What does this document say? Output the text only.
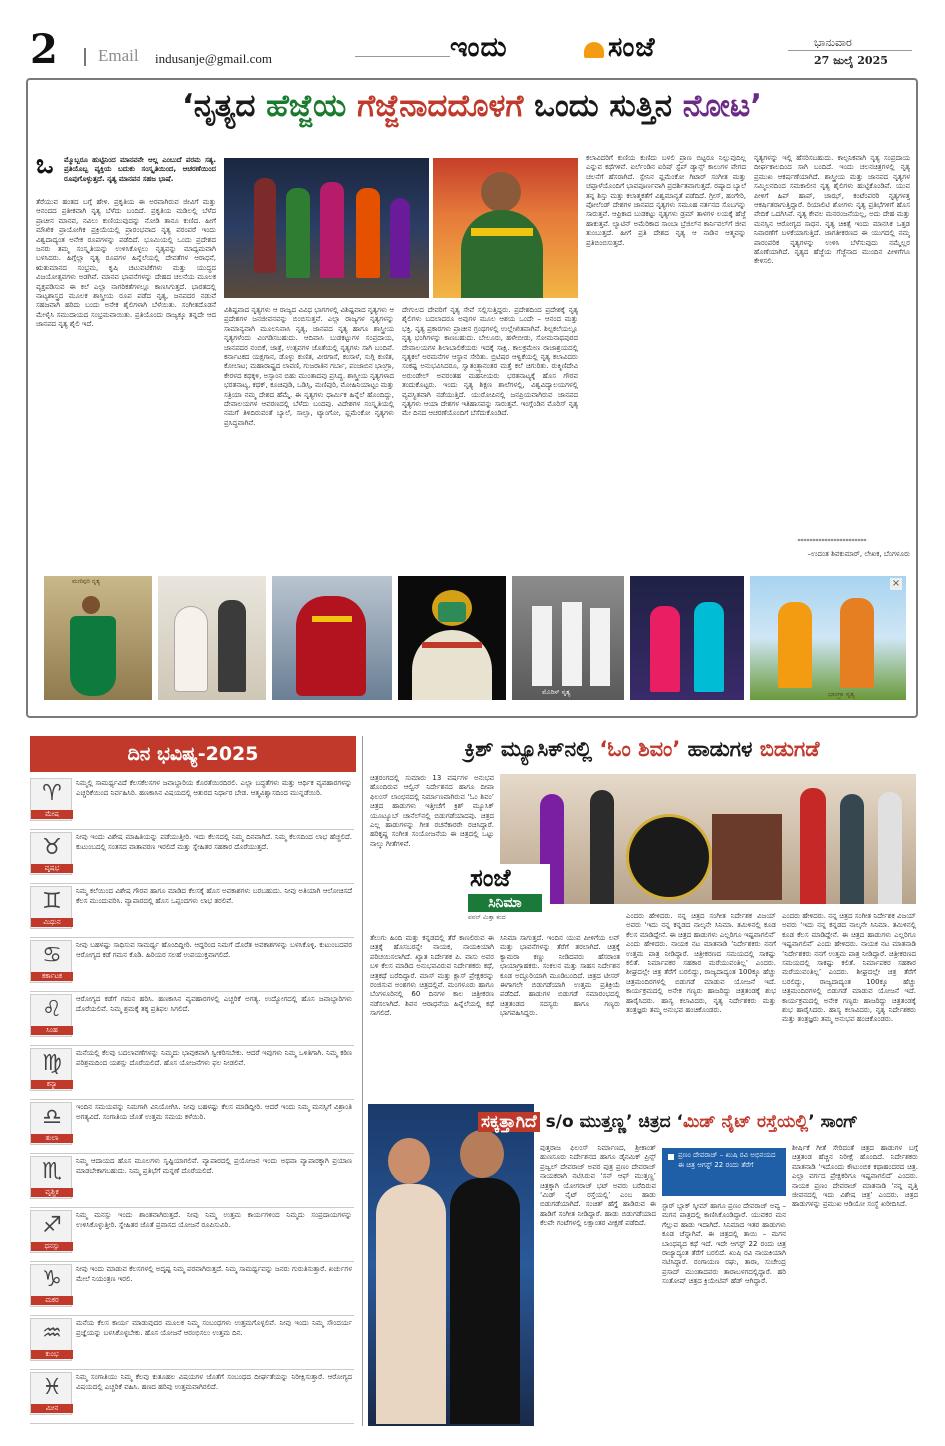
2 Email indusanje@gmail.com	ಇಂದು	ಸಂಜೆ	ಭಾನುವಾರ
27 ಜುಲೈ 2025
‘ನೃತ್ಯದ ಹೆಜ್ಜೆಯ ಗೆಜ್ಜೆನಾದದೊಳಗೆ ಒಂದು ಸುತ್ತಿನ ನೋಟ’
ಒ ಮ್ಮೊಬ್ಬರೂ ಹುಟ್ಟಿನಿಂದ ಮಾನವನೇ ಆಲ್ಲ ಎಂಬುದೆ ಪರಮ ಸತ್ಯ. ಪ್ರತಿಯೊಬ್ಬ ವ್ಯಕ್ತಿಯ ಬದುಕು ಸಂಸ್ಕೃತಿಯಿಂದ, ಆಚರಣೆಯಿಂದ ರೂಪುಗೊಳ್ಳುತ್ತದೆ. ನೃತ್ಯ ಮಾನವನ ಸಹಜ ಭಾಷೆ.
ತೆರೆಯುವ ಹಂತದ ಬಗ್ಗೆ ಹೇಳಿ. ಪ್ರಕೃತಿಯ ಈ ಅರವಾಗಿರುವ ಜೀವಿಗೆ ಮತ್ತು ಆನಂದದ ಪ್ರತೀಕವಾಗಿ ನೃತ್ಯ ಬೆಳೆದು ಬಂದಿದೆ. ಪ್ರಕೃತಿಯ ಮಡಿಲಲ್ಲಿ ಬೆಳೆದ ಪ್ರಾಚೀನ ಮಾನವ, ನವಿಲು ಕುಣಿಯುವುದನ್ನು ನೋಡಿ ತಾನೂ ಕುಣಿದ. ಹೀಗೆ ಮೌಖಿಕ ಪ್ರಾಯೋಗಿಕ ಪ್ರಕ್ರಿಯೆಯಲ್ಲಿ ಪ್ರಾರಂಭವಾದ ನೃತ್ಯ ಪರಂಪರೆ ಇಂದು ವಿಶ್ವದಾದ್ಯಂತ ಅನೇಕ ರೂಪಗಳನ್ನು ಪಡೆದಿದೆ. ಭೂಮಿಯಲ್ಲಿ ಒಂದು ಪ್ರದೇಶದ ಜನರು ತಮ್ಮ ಸಂಸ್ಕೃತಿಯನ್ನು ಉಳಿಸಿಕೊಳ್ಳಲು ನೃತ್ಯವನ್ನು ಮಾಧ್ಯಮವಾಗಿ ಬಳಸಿದರು. ಹಿಗ್ಗೆಲ್ಲಾ ನೃತ್ಯ ರೂಪಗಳ ಹಿನ್ನೆಲೆಯಲ್ಲಿ ದೇವತೆಗಳ ಆರಾಧನೆ, ಋತುಮಾನದ ಸಂಭ್ರಮ, ಕೃಷಿ ಚಟುವಟಿಕೆಗಳು ಮತ್ತು ಯುದ್ಧದ ವಿಜಯೋತ್ಸವಗಳು ಅಡಗಿವೆ. ಮಾನವ ಭಾವನೆಗಳನ್ನು ದೇಹದ ಚಲನೆಯ ಮೂಲಕ ವ್ಯಕ್ತಪಡಿಸುವ ಈ ಕಲೆ ಎಲ್ಲಾ ನಾಗರಿಕತೆಗಳಲ್ಲೂ ಕಾಣಸಿಗುತ್ತದೆ. ಭಾರತದಲ್ಲಿ ನಾಟ್ಯಶಾಸ್ತ್ರದ ಮೂಲಕ ಶಾಸ್ತ್ರೀಯ ರೂಪ ಪಡೆದ ನೃತ್ಯ, ಜನಪದರ ನಡುವೆ ಸಹಜವಾಗಿ ಹರಿದು ಬಂದು ಅನೇಕ ಶೈಲಿಗಳಾಗಿ ಬೆಳೆಯಿತು. ಸಂಗೀತದೊಡನೆ ಮೇಳೈಸಿ ಸಮುದಾಯದ ಸಂಭ್ರಮವಾಯಿತು. ಪ್ರತಿಯೊಂದು ರಾಜ್ಯಕ್ಕೂ ತನ್ನದೇ ಆದ ಜಾನಪದ ನೃತ್ಯ ಶೈಲಿ ಇದೆ.
ವಿಶಿಷ್ಟವಾದ ನೃತ್ಯಗಳು ಆ ರಾಜ್ಯದ ವಿವಿಧ ಭಾಗಗಳಲ್ಲಿ ವಿಶಿಷ್ಟವಾದ ನೃತ್ಯಗಳು ಆ ಪ್ರದೇಶಗಳ ಜನಜೀವನವನ್ನು ಬಿಂಬಿಸುತ್ತವೆ. ಎಲ್ಲಾ ರಾಜ್ಯಗಳ ನೃತ್ಯಗಳನ್ನು ಸಾಮಾನ್ಯವಾಗಿ ಮೂಲನಿವಾಸಿ ನೃತ್ಯ, ಜಾನಪದ ನೃತ್ಯ ಹಾಗೂ ಶಾಸ್ತ್ರೀಯ ನೃತ್ಯಗಳೆಂದು ವಿಂಗಡಿಸಬಹುದು. ಆದಿವಾಸಿ ಬುಡಕಟ್ಟುಗಳ ಸಂಪ್ರದಾಯ, ಜಾನಪದರ ನಂಬಿಕೆ, ಜಾತ್ರೆ, ಉತ್ಸವಗಳ ಜೊತೆಯಲ್ಲಿ ನೃತ್ಯಗಳು ಸಾಗಿ ಬಂದಿವೆ. ಕರ್ನಾಟಕದ ಯಕ್ಷಗಾನ, ಡೊಳ್ಳು ಕುಣಿತ, ವೀರಗಾಸೆ, ಕಂಸಾಳೆ, ಸುಗ್ಗಿ ಕುಣಿತ, ಕೋಲಾಟ; ಮಹಾರಾಷ್ಟ್ರದ ಲಾವಣಿ, ಗುಜರಾತಿನ ಗರ್ಬಾ, ಪಂಜಾಬಿನ ಭಾಂಗ್ರಾ, ಕೇರಳದ ಕಥಕ್ಕಳಿ, ಅಸ್ಸಾಂನ ಬಿಹು ಮುಂತಾದವು ಪ್ರಸಿದ್ಧ. ಶಾಸ್ತ್ರೀಯ ನೃತ್ಯಗಳಾದ ಭರತನಾಟ್ಯ, ಕಥಕ್, ಕೂಚಿಪುಡಿ, ಒಡಿಸ್ಸಿ, ಮಣಿಪುರಿ, ಮೋಹಿನಿಯಾಟ್ಟಂ ಮತ್ತು ಸತ್ರಿಯಾ ನಮ್ಮ ದೇಶದ ಹೆಮ್ಮೆ. ಈ ನೃತ್ಯಗಳು ಧಾರ್ಮಿಕ ಹಿನ್ನೆಲೆ ಹೊಂದಿದ್ದು, ದೇವಾಲಯಗಳ ಆವರಣದಲ್ಲಿ ಬೆಳೆದು ಬಂದವು. ವಿದೇಶಗಳ ಸಂಸ್ಕೃತಿಯಲ್ಲಿ ನಮಗೆ ತಿಳಿದಿರುವಂತೆ ಬ್ಯಾಲೆ, ಸಾಲ್ಸಾ, ಟ್ಯಾಂಗೋ, ಫ್ಲಮೆಂಕೋ ನೃತ್ಯಗಳು ಪ್ರಸಿದ್ಧವಾಗಿವೆ.
ದೇಗುಲದ ದೇವರಿಗೆ ನೃತ್ಯ ಸೇವೆ ಸಲ್ಲಿಸುತ್ತಿದ್ದರು. ಪ್ರದೇಶದಿಂದ ಪ್ರದೇಶಕ್ಕೆ ನೃತ್ಯ ಶೈಲಿಗಳು ಬದಲಾದರೂ ಅವುಗಳ ಮೂಲ ಆಶಯ ಒಂದೇ – ಆನಂದ ಮತ್ತು ಭಕ್ತಿ. ನೃತ್ಯ ಪ್ರಕಾರಗಳು ಪ್ರಾಚೀನ ಗ್ರಂಥಗಳಲ್ಲಿ ಉಲ್ಲೇಖಿತವಾಗಿವೆ. ಶಿಲ್ಪಕಲೆಯಲ್ಲೂ ನೃತ್ಯ ಭಂಗಿಗಳನ್ನು ಕಾಣಬಹುದು. ಬೇಲೂರು, ಹಳೇಬೀಡು, ಸೋಮನಾಥಪುರದ ದೇವಾಲಯಗಳ ಶಿಲಾಬಾಲಿಕೆಯರು ಇದಕ್ಕೆ ಸಾಕ್ಷಿ. ಕಾಲಕ್ರಮೇಣ ರಾಜಾಶ್ರಯದಲ್ಲಿ ನೃತ್ಯಕಲೆ ಅರಮನೆಗಳ ಆಸ್ಥಾನ ಸೇರಿತು. ಬ್ರಿಟಿಷರ ಆಳ್ವಿಕೆಯಲ್ಲಿ ನೃತ್ಯ ಕಲಾವಿದರು ಸಂಕಷ್ಟ ಅನುಭವಿಸಿದರೂ, ಸ್ವಾತಂತ್ರ್ಯಾನಂತರ ಮತ್ತೆ ಕಲೆ ಚಿಗುರಿತು. ರುಕ್ಮಿಣಿದೇವಿ ಅರುಂಡೇಲ್ ಅವರಂತಹ ಮಹನೀಯರು ಭರತನಾಟ್ಯಕ್ಕೆ ಹೊಸ ಗೌರವ ತಂದುಕೊಟ್ಟರು. ಇಂದು ನೃತ್ಯ ಶಿಕ್ಷಣ ಶಾಲೆಗಳಲ್ಲಿ, ವಿಶ್ವವಿದ್ಯಾಲಯಗಳಲ್ಲಿ ವ್ಯವಸ್ಥಿತವಾಗಿ ನಡೆಯುತ್ತಿದೆ. ಯುರೋಪಿನಲ್ಲಿ ಜನಪ್ರಿಯವಾಗಿರುವ ಜಾನಪದ ನೃತ್ಯಗಳು ಆಯಾ ದೇಶಗಳ ಇತಿಹಾಸವನ್ನು ಸಾರುತ್ತವೆ. ಇಂಗ್ಲೆಂಡಿನ ಮೊರಿಸ್ ನೃತ್ಯ ಮೇ ದಿನದ ಆಚರಣೆಯೊಂದಿಗೆ ಬೆಸೆದುಕೊಂಡಿದೆ.
ಕಲಾವಿದರಿಗೆ ಕುಣಿಯ ಕುಣಿದು ಬಳಲಿ ಪ್ರಾಣ ಬಿಟ್ಟರೂ ನಿಲ್ಲುವುದಿಲ್ಲ ಎನ್ನುವ ಕಥೆಗಳಿವೆ. ಐರ್ಲೆಂಡಿನ ಐರಿಷ್ ಸ್ಟೆಪ್ ಡ್ಯಾನ್ಸ್ ಕಾಲುಗಳ ವೇಗದ ಚಲನೆಗೆ ಹೆಸರಾಗಿದೆ. ಸ್ಪೇನಿನ ಫ್ಲಮೆಂಕೋ ಗಿಟಾರ್ ಸಂಗೀತ ಮತ್ತು ಚಪ್ಪಾಳೆಯೊಂದಿಗೆ ಭಾವಪೂರ್ಣವಾಗಿ ಪ್ರದರ್ಶಿತವಾಗುತ್ತದೆ. ರಷ್ಯಾದ ಬ್ಯಾಲೆ ತನ್ನ ಶಿಸ್ತು ಮತ್ತು ಕಲಾತ್ಮಕತೆಗೆ ವಿಶ್ವಮಾನ್ಯತೆ ಪಡೆದಿದೆ. ಗ್ರೀಸ್, ಹಂಗೇರಿ, ಪೋಲೆಂಡ್ ದೇಶಗಳ ಜಾನಪದ ನೃತ್ಯಗಳು ಸಮೂಹ ನರ್ತನದ ಸೊಬಗನ್ನು ಸಾರುತ್ತವೆ. ಆಫ್ರಿಕಾದ ಬುಡಕಟ್ಟು ನೃತ್ಯಗಳು ಡ್ರಮ್ ತಾಳಗಳ ಲಯಕ್ಕೆ ಹೆಜ್ಜೆ ಹಾಕುತ್ತವೆ. ಲ್ಯಾಟಿನ್ ಅಮೆರಿಕಾದ ಸಾಂಬಾ ಬ್ರೆಜಿಲ್‌ನ ಕಾರ್ನಿವಲ್‌ಗೆ ಜೀವ ತುಂಬುತ್ತದೆ. ಹೀಗೆ ಪ್ರತಿ ದೇಶದ ನೃತ್ಯ ಆ ನಾಡಿನ ಆತ್ಮವನ್ನು ಪ್ರತಿಬಿಂಬಿಸುತ್ತದೆ.
ನೃತ್ಯಗಳನ್ನು ಇಲ್ಲಿ ಹೆಸರಿಸಬಹುದು. ಕಾಲ್ಪನಿಕವಾಗಿ ನೃತ್ಯ ಸಂಪ್ರದಾಯ ದೀರ್ಘಕಾಲದಿಂದ ಸಾಗಿ ಬಂದಿದೆ. ಇಂದು ಚಲನಚಿತ್ರಗಳಲ್ಲಿ ನೃತ್ಯ ಪ್ರಮುಖ ಆಕರ್ಷಣೆಯಾಗಿದೆ. ಶಾಸ್ತ್ರೀಯ ಮತ್ತು ಜಾನಪದ ನೃತ್ಯಗಳ ಸಮ್ಮಿಲನದಿಂದ ಸಮಕಾಲೀನ ನೃತ್ಯ ಶೈಲಿಗಳು ಹುಟ್ಟಿಕೊಂಡಿವೆ. ಯುವ ಪೀಳಿಗೆ ಹಿಪ್ ಹಾಪ್, ಜಾಝ್, ಕಂಟೆಂಪರರಿ ನೃತ್ಯಗಳತ್ತ ಆಕರ್ಷಿತರಾಗುತ್ತಿದ್ದಾರೆ. ರಿಯಾಲಿಟಿ ಶೋಗಳು ನೃತ್ಯ ಪ್ರತಿಭೆಗಳಿಗೆ ಹೊಸ ವೇದಿಕೆ ಒದಗಿಸಿವೆ. ನೃತ್ಯ ಕೇವಲ ಮನರಂಜನೆಯಲ್ಲ, ಅದು ದೇಹ ಮತ್ತು ಮನಸ್ಸಿನ ಆರೋಗ್ಯದ ಸಾಧನ. ನೃತ್ಯ ಚಿಕಿತ್ಸೆ ಇಂದು ಮಾನಸಿಕ ಒತ್ತಡ ನಿವಾರಣೆಗೆ ಬಳಕೆಯಾಗುತ್ತಿದೆ. ಜಾಗತೀಕರಣದ ಈ ಯುಗದಲ್ಲಿ ನಮ್ಮ ಪಾರಂಪರಿಕ ನೃತ್ಯಗಳನ್ನು ಉಳಿಸಿ ಬೆಳೆಸುವುದು ನಮ್ಮೆಲ್ಲರ ಹೊಣೆಯಾಗಿದೆ. ನೃತ್ಯದ ಹೆಜ್ಜೆಯ ಗೆಜ್ಜೆನಾದ ಮುಂದಿನ ಪೀಳಿಗೆಗೂ ಕೇಳಿಸಲಿ.
***********************
–ಉದಂತ ಶಿವಕುಮಾರ್, ಲೇಖಕ, ಬೆಂಗಳೂರು
ಮಣಿಪುರಿ ನೃತ್ಯ
ಮೊರಿಸ್ ನೃತ್ಯ
×
ಭಾಂಗ್ರಾ ನೃತ್ಯ
ದಿನ ಭವಿಷ್ಯ-2025
♈
ಮೇಷ
ನಿಮ್ಮಲ್ಲಿ ಸಾಮರ್ಥ್ಯವಿದೆ ಕೆಲಸಕೆಲಸಗಳ ಜವಾಬ್ದಾರಿಯ ಕೊರತೆಯಿರದಿರಲಿ. ಎಲ್ಲಾ ಬದ್ಧತೆಗಳು ಮತ್ತು ಆರ್ಥಿಕ ವ್ಯವಹಾರಗಳನ್ನು ಎಚ್ಚರಿಕೆಯಿಂದ ನಿರ್ವಹಿಸಿರಿ. ಹಣಕಾಸಿನ ವಿಷಯದಲ್ಲಿ ಆತುರದ ನಿರ್ಧಾರ ಬೇಡ. ಆತ್ಮವಿಶ್ವಾಸದಿಂದ ಮುನ್ನಡೆಯಿರಿ.
♉
ವೃಷಭ
ನೀವು ಇಂದು ವಿಶೇಷ ಮಾಹಿತಿಯನ್ನು ಪಡೆಯುತ್ತೀರಿ. ಇದು ಕೆಲಸದಲ್ಲಿ ನಿಮ್ಮ ದಿನವಾಗಿದೆ. ನಿಮ್ಮ ಕೆಲಸದಿಂದ ಲಾಭ ಹೆಚ್ಚಲಿದೆ. ಕುಟುಂಬದಲ್ಲಿ ಸಂತಸದ ವಾತಾವರಣ ಇರಲಿದೆ ಮತ್ತು ಸ್ನೇಹಿತರ ಸಹಕಾರ ದೊರೆಯುತ್ತದೆ.
♊
ಮಿಥುನ
ನಿಮ್ಮ ಕಲೆಯಿಂದ ವಿಶೇಷ ಗೌರವ ಹಾಗೂ ಮಾಡಿದ ಕೆಲಸಕ್ಕೆ ಹೊಸ ಅವಕಾಶಗಳು ಬರಬಹುದು. ನೀವು ಅತಿಯಾಗಿ ಆಲೋಚಿಸದೆ ಕೆಲಸ ಮುಂದುವರಿಸಿ. ವ್ಯಾಪಾರದಲ್ಲಿ ಹೊಸ ಒಪ್ಪಂದಗಳು ಲಾಭ ತರಲಿವೆ.
♋
ಕರ್ಕಾಟಕ
ನೀವು ಬಹಳಷ್ಟು ಸಾಧಿಸುವ ಸಾಮರ್ಥ್ಯ ಹೊಂದಿದ್ದೀರಿ. ಆದ್ದರಿಂದ ನಿಮಗೆ ದೊರೆತ ಅವಕಾಶಗಳನ್ನು ಬಳಸಿಕೊಳ್ಳಿ. ಕುಟುಂಬದವರ ಆರೋಗ್ಯದ ಕಡೆ ಗಮನ ಕೊಡಿ. ಹಿರಿಯರ ಸಲಹೆ ಉಪಯುಕ್ತವಾಗಲಿದೆ.
♌
ಸಿಂಹ
ಆರೋಗ್ಯದ ಕಡೆಗೆ ಗಮನ ಹರಿಸಿ. ಹಣಕಾಸಿನ ವ್ಯವಹಾರಗಳಲ್ಲಿ ಎಚ್ಚರಿಕೆ ಅಗತ್ಯ. ಉದ್ಯೋಗದಲ್ಲಿ ಹೊಸ ಜವಾಬ್ದಾರಿಗಳು ದೊರೆಯಲಿವೆ. ನಿಮ್ಮ ಶ್ರಮಕ್ಕೆ ತಕ್ಕ ಪ್ರತಿಫಲ ಸಿಗಲಿದೆ.
♍
ಕನ್ಯಾ
ಮನೆಯಲ್ಲಿ ಕೆಲವು ಬದಲಾವಣೆಗಳನ್ನು ನಿಮ್ಮದು ಭಾವುಕವಾಗಿ ಸ್ವೀಕರಿಸಬೇಕು. ಆದರೆ ಇವುಗಳು ನಿಮ್ಮ ಒಳಿತಿಗಾಗಿ. ನಿಮ್ಮ ಕಠಿಣ ಪರಿಶ್ರಮದಿಂದ ಯಶಸ್ಸು ದೊರೆಯಲಿದೆ. ಹೊಸ ಯೋಜನೆಗಳು ಫಲ ನೀಡಲಿವೆ.
♎
ತುಲಾ
ಇಂದಿನ ಸಮಯವನ್ನು ನಿಮಗಾಗಿ ವಿನಿಯೋಗಿಸಿ. ನೀವು ಬಹಳಷ್ಟು ಕೆಲಸ ಮಾಡಿದ್ದೀರಿ. ಆದರೆ ಇಂದು ನಿಮ್ಮ ಮನಸ್ಸಿಗೆ ವಿಶ್ರಾಂತಿ ಅಗತ್ಯವಿದೆ. ಸಂಗಾತಿಯ ಜೊತೆ ಉತ್ತಮ ಸಮಯ ಕಳೆಯಿರಿ.
♏
ವೃಶ್ಚಿಕ
ನಿಮ್ಮ ಆದಾಯದ ಹೊಸ ಮೂಲಗಳು ಸೃಷ್ಟಿಯಾಗಲಿವೆ. ವ್ಯಾಪಾರದಲ್ಲಿ ಪ್ರಯೋಜನ ಇಂದು ಅಥವಾ ವ್ಯಾಪಾರಕ್ಕಾಗಿ ಪ್ರಯಾಣ ಮಾಡಬೇಕಾಗಬಹುದು. ನಿಮ್ಮ ಪ್ರತಿಭೆಗೆ ಮನ್ನಣೆ ದೊರೆಯಲಿದೆ.
♐
ಧನಸ್ಸು
ನಿಮ್ಮ ಮನಸ್ಸು ಇಂದು ಶಾಂತವಾಗಿರುತ್ತದೆ. ನೀವು ನಿಮ್ಮ ಉತ್ತಮ ಕಾರ್ಯಗಳಿಂದ ನಿಮ್ಮದು ಸಂಪ್ರದಾಯಗಳನ್ನು ಉಳಿಸಿಕೊಳ್ಳುತ್ತೀರಿ. ಸ್ನೇಹಿತರ ಜೊತೆ ಪ್ರವಾಸದ ಯೋಜನೆ ರೂಪಿಸುವಿರಿ.
♑
ಮಕರ
ನೀವು ಇಂದು ಮಾಡುವ ಕೆಲಸಗಳಲ್ಲಿ ಅದೃಷ್ಟ ನಿಮ್ಮ ಪರವಾಗಿರುತ್ತದೆ. ನಿಮ್ಮ ಸಾಮರ್ಥ್ಯವನ್ನು ಜನರು ಗುರುತಿಸುತ್ತಾರೆ. ಖರ್ಚುಗಳ ಮೇಲೆ ನಿಯಂತ್ರಣ ಇರಲಿ.
♒
ಕುಂಭ
ಮನೆಯ ಕೆಲಸ ಕಾರ್ಯ ಮಾಡುವುದರ ಮೂಲಕ ನಿಮ್ಮ ಸಂಬಂಧಗಳು ಉತ್ತಮಗೊಳ್ಳಲಿವೆ. ನೀವು ಇಂದು ನಿಮ್ಮ ಸೌಂದರ್ಯ ಪ್ರಜ್ಞೆಯನ್ನು ಬಳಸಿಕೊಳ್ಳಬೇಕು. ಹೊಸ ಯೋಜನೆ ಆರಂಭಿಸಲು ಉತ್ತಮ ದಿನ.
♓
ಮೀನ
ನಿಮ್ಮ ಸಂಗಾತಿಯು ನಿಮ್ಮ ಕೆಲವು ಕುತೂಹಲ ವಿಷಯಗಳ ಜೊತೆಗೆ ಸಂಬಂಧದ ದೀರ್ಘತೆಯನ್ನು ನಿರೀಕ್ಷಿಸುತ್ತಾರೆ. ಆರೋಗ್ಯದ ವಿಷಯದಲ್ಲಿ ಎಚ್ಚರಿಕೆ ವಹಿಸಿ. ಹಣದ ಹರಿವು ಉತ್ತಮವಾಗಿರಲಿದೆ.
ಕ್ರಿಶ್ ಮ್ಯೂಸಿಕ್‌ನಲ್ಲಿ ‘ಓಂ ಶಿವಂ’ ಹಾಡುಗಳ ಬಿಡುಗಡೆ
ಚಿತ್ರರಂಗದಲ್ಲಿ ಸುಮಾರು 13 ವರ್ಷಗಳ ಅನುಭವ ಹೊಂದಿರುವ ಆಲ್ವಿನ್ ನಿರ್ದೇಶನದ ಹಾಗೂ ದೀಪಾ ಫಿಲಂಸ್ ಲಾಂಛನದಲ್ಲಿ ನಿರ್ಮಾಣವಾಗಿರುವ ‘ಓಂ ಶಿವಂ’ ಚಿತ್ರದ ಹಾಡುಗಳು ಇತ್ತೀಚೆಗೆ ಕ್ರಿಶ್ ಮ್ಯೂಸಿಕ್ ಯೂಟ್ಯೂಬ್ ಚಾನೆಲ್‌ನಲ್ಲಿ ಬಿಡುಗಡೆಯಾದವು. ಚಿತ್ರದ ಎಲ್ಲ ಹಾಡುಗಳನ್ನು ಗೀತ ರಚನೆಕಾರರೇ ರಚಿಸಿದ್ದಾರೆ. ಹರಿಕೃಷ್ಣ ಸಂಗೀತ ಸಂಯೋಜನೆಯ ಈ ಚಿತ್ರದಲ್ಲಿ ಒಟ್ಟು ನಾಲ್ಕು ಗೀತೆಗಳಿವೆ.
ಸಂಜೆ
ಸಿನಿಮಾ
ಪವನ್ ಮಿತ್ತಾ ಕಂದ
ತೆಲುಗು ಹಿಂದಿ ಮತ್ತು ಕನ್ನಡದಲ್ಲಿ ತೆರೆ ಕಾಣಲಿರುವ ಈ ಚಿತ್ರಕ್ಕೆ ಹೊಸಬರನ್ನೇ ನಾಯಕ, ನಾಯಕಿಯಾಗಿ ಪರಿಚಯಿಸಲಾಗಿದೆ. ಖ್ಯಾತ ನಿರ್ದೇಶಕ ಪಿ. ವಾಸು ಅವರ ಬಳಿ ಕೆಲಸ ಮಾಡಿದ ಅನುಭವವಿರುವ ನಿರ್ದೇಶಕರು ಕಥೆ, ಚಿತ್ರಕಥೆ ಬರೆದಿದ್ದಾರೆ. ಮಾಸ್ ಮತ್ತು ಕ್ಲಾಸ್ ಪ್ರೇಕ್ಷಕರನ್ನು ರಂಜಿಸುವ ಅಂಶಗಳು ಚಿತ್ರದಲ್ಲಿವೆ. ಮಂಗಳೂರು ಹಾಗೂ ಬೆಂಗಳೂರಿನಲ್ಲಿ 60 ದಿನಗಳ ಕಾಲ ಚಿತ್ರೀಕರಣ ನಡೆಸಲಾಗಿದೆ. ಶಿವನ ಆರಾಧನೆಯ ಹಿನ್ನೆಲೆಯಲ್ಲಿ ಕಥೆ ಸಾಗಲಿದೆ.
ಸಿನಿಮಾ ಸಾಗುತ್ತದೆ. ಇಂದಿನ ಯುವ ಪೀಳಿಗೆಯ ಲವ್ ಮತ್ತು ಭಾವನೆಗಳನ್ನು ತೆರೆಗೆ ತರಲಾಗಿದೆ. ಚಿತ್ರಕ್ಕೆ ಕ್ಯಾಮರಾ ಕಣ್ಣು ನೀಡಿದವರು ಹೆಸರಾಂತ ಛಾಯಾಗ್ರಾಹಕರು. ಸಂಕಲನ ಮತ್ತು ಸಾಹಸ ನಿರ್ದೇಶನ ಕೂಡ ಅದ್ಧೂರಿಯಾಗಿ ಮೂಡಿಬಂದಿದೆ. ಚಿತ್ರದ ಟೀಸರ್ ಈಗಾಗಲೇ ಬಿಡುಗಡೆಯಾಗಿ ಉತ್ತಮ ಪ್ರತಿಕ್ರಿಯೆ ಪಡೆದಿದೆ. ಹಾಡುಗಳ ಬಿಡುಗಡೆ ಸಮಾರಂಭದಲ್ಲಿ ಚಿತ್ರತಂಡದ ಸದಸ್ಯರು ಹಾಗೂ ಗಣ್ಯರು ಭಾಗವಹಿಸಿದ್ದರು.
ಎಂದರು ಹೇಳಿದರು. ನನ್ನ ಚಿತ್ರದ ಸಂಗೀತ ನಿರ್ದೇಶಕ ವಿಜಯ್ ಅವರು ‘ಇದು ನನ್ನ ಕನ್ನಡದ ನಾಲ್ಕನೇ ಸಿನಿಮಾ. ತಮಿಳಿನಲ್ಲಿ ಕೂಡ ಕೆಲಸ ಮಾಡಿದ್ದೇನೆ. ಈ ಚಿತ್ರದ ಹಾಡುಗಳು ಎಲ್ಲರಿಗೂ ಇಷ್ಟವಾಗಲಿವೆ’ ಎಂದು ಹೇಳಿದರು. ನಾಯಕ ನಟ ಮಾತನಾಡಿ ‘ನಿರ್ದೇಶಕರು ನನಗೆ ಉತ್ತಮ ಪಾತ್ರ ನೀಡಿದ್ದಾರೆ. ಚಿತ್ರೀಕರಣದ ಸಮಯದಲ್ಲಿ ಸಾಕಷ್ಟು ಕಲಿತೆ. ನಿರ್ಮಾಪಕರ ಸಹಕಾರ ಮರೆಯುವಂತಿಲ್ಲ’ ಎಂದರು. ಶೀಘ್ರದಲ್ಲೇ ಚಿತ್ರ ತೆರೆಗೆ ಬರಲಿದ್ದು, ರಾಜ್ಯದಾದ್ಯಂತ 100ಕ್ಕೂ ಹೆಚ್ಚು ಚಿತ್ರಮಂದಿರಗಳಲ್ಲಿ ಬಿಡುಗಡೆ ಮಾಡುವ ಯೋಜನೆ ಇದೆ. ಕಾರ್ಯಕ್ರಮದಲ್ಲಿ ಅನೇಕ ಗಣ್ಯರು ಹಾಜರಿದ್ದು ಚಿತ್ರತಂಡಕ್ಕೆ ಶುಭ ಹಾರೈಸಿದರು. ಹಾಸ್ಯ ಕಲಾವಿದರು, ನೃತ್ಯ ನಿರ್ದೇಶಕರು ಮತ್ತು ತಂತ್ರಜ್ಞರು ತಮ್ಮ ಅನುಭವ ಹಂಚಿಕೊಂಡರು.
ಎಂದರು ಹೇಳಿದರು. ನನ್ನ ಚಿತ್ರದ ಸಂಗೀತ ನಿರ್ದೇಶಕ ವಿಜಯ್ ಅವರು ‘ಇದು ನನ್ನ ಕನ್ನಡದ ನಾಲ್ಕನೇ ಸಿನಿಮಾ. ತಮಿಳಿನಲ್ಲಿ ಕೂಡ ಕೆಲಸ ಮಾಡಿದ್ದೇನೆ. ಈ ಚಿತ್ರದ ಹಾಡುಗಳು ಎಲ್ಲರಿಗೂ ಇಷ್ಟವಾಗಲಿವೆ’ ಎಂದು ಹೇಳಿದರು. ನಾಯಕ ನಟ ಮಾತನಾಡಿ ‘ನಿರ್ದೇಶಕರು ನನಗೆ ಉತ್ತಮ ಪಾತ್ರ ನೀಡಿದ್ದಾರೆ. ಚಿತ್ರೀಕರಣದ ಸಮಯದಲ್ಲಿ ಸಾಕಷ್ಟು ಕಲಿತೆ. ನಿರ್ಮಾಪಕರ ಸಹಕಾರ ಮರೆಯುವಂತಿಲ್ಲ’ ಎಂದರು. ಶೀಘ್ರದಲ್ಲೇ ಚಿತ್ರ ತೆರೆಗೆ ಬರಲಿದ್ದು, ರಾಜ್ಯದಾದ್ಯಂತ 100ಕ್ಕೂ ಹೆಚ್ಚು ಚಿತ್ರಮಂದಿರಗಳಲ್ಲಿ ಬಿಡುಗಡೆ ಮಾಡುವ ಯೋಜನೆ ಇದೆ. ಕಾರ್ಯಕ್ರಮದಲ್ಲಿ ಅನೇಕ ಗಣ್ಯರು ಹಾಜರಿದ್ದು ಚಿತ್ರತಂಡಕ್ಕೆ ಶುಭ ಹಾರೈಸಿದರು. ಹಾಸ್ಯ ಕಲಾವಿದರು, ನೃತ್ಯ ನಿರ್ದೇಶಕರು ಮತ್ತು ತಂತ್ರಜ್ಞರು ತಮ್ಮ ಅನುಭವ ಹಂಚಿಕೊಂಡರು.
ಸಕ್ಕತ್ತಾಗಿದೆ s/o ಮುತ್ತಣ್ಣ’ ಚಿತ್ರದ ‘ಮಿಡ್ ನೈಟ್ ರಸ್ತೆಯಲ್ಲಿ’ ಸಾಂಗ್
ಪುತ್ತರಾಜ ಫಿಲಂಸ್ ನಿರ್ಮಾಣದ, ಶ್ರೀಕಾಂತ್ ಹುಣಸೂರು ನಿರ್ದೇಶನದ ಹಾಗೂ ಡೈನಮಿಕ್ ಪ್ರಿನ್ಸ್ ಪ್ರಜ್ವಲ್ ದೇವರಾಜ್ ಅವರ ಪುತ್ರ ಪ್ರಣಂ ದೇವರಾಜ್ ನಾಯಕರಾಗಿ ನಟಿಸಿರುವ ‘ಸನ್ ಆಫ್ ಮುತ್ತಣ್ಣ’ ಚಿತ್ರಕ್ಕಾಗಿ ಯೋಗರಾಜ್ ಭಟ್ ಅವರು ಬರೆದಿರುವ ‘ಮಿಡ್ ನೈಟ್ ರಸ್ತೆಯಲ್ಲಿ’ ಎಂಬ ಹಾಡು ಬಿಡುಗಡೆಯಾಗಿದೆ. ಸಂಚಿತ್ ಹೆಗ್ಡೆ ಹಾಡಿರುವ ಈ ಹಾಡಿಗೆ ಸಂಗೀತ ನೀಡಿದ್ದಾರೆ. ಹಾಡು ಬಿಡುಗಡೆಯಾದ ಕೆಲವೇ ಗಂಟೆಗಳಲ್ಲಿ ಲಕ್ಷಾಂತರ ವೀಕ್ಷಣೆ ಪಡೆದಿದೆ.
ಪ್ರಣಂ ದೇವರಾಜ್ – ಖುಷಿ ರವಿ ಅಭಿನಯದ ಈ ಚಿತ್ರ ಆಗಸ್ಟ್ 22 ರಂದು ತೆರೆಗೆ
ಸ್ಟಾರ್ ಬ್ಲಾಕ್ ಸ್ಕೀಮ್ ಹಾಗೂ ಪ್ರಣಂ ದೇವರಾಜ್ ಅವ್ವ – ಮಗನ ಪಾತ್ರದಲ್ಲಿ ಕಾಣಿಸಿಕೊಂಡಿದ್ದಾರೆ. ಯುವಕರ ಮನ ಗೆಲ್ಲುವ ಹಾಡು ಇದಾಗಿದೆ. ಸಿನಿಮಾದ ಇತರ ಹಾಡುಗಳು ಕೂಡ ಚೆನ್ನಾಗಿವೆ. ಈ ಚಿತ್ರದಲ್ಲಿ ತಾಯಿ – ಮಗನ ಬಾಂಧವ್ಯದ ಕಥೆ ಇದೆ. ಇದೇ ಆಗಸ್ಟ್ 22 ರಂದು ಚಿತ್ರ ರಾಜ್ಯಾದ್ಯಂತ ತೆರೆಗೆ ಬರಲಿದೆ. ಖುಷಿ ರವಿ ನಾಯಕಿಯಾಗಿ ನಟಿಸಿದ್ದಾರೆ. ರಂಗಾಯಣ ರಘು, ತಾರಾ, ಸುಚೇಂದ್ರ ಪ್ರಸಾದ್ ಮುಂತಾದವರು ತಾರಾಬಳಗದಲ್ಲಿದ್ದಾರೆ. ಹರಿ ಸಂತೋಷ್ ಚಿತ್ರದ ಕ್ರಿಯೇಟಿವ್ ಹೆಡ್ ಆಗಿದ್ದಾರೆ.
ಶೀರ್ಷಿಕೆ ಗೀತೆ ಸೇರಿದಂತೆ ಚಿತ್ರದ ಹಾಡುಗಳ ಬಗ್ಗೆ ಚಿತ್ರತಂಡ ಹೆಚ್ಚಿನ ನಿರೀಕ್ಷೆ ಹೊಂದಿದೆ. ನಿರ್ದೇಶಕರು ಮಾತನಾಡಿ ‘ಇದೊಂದು ಕೌಟುಂಬಿಕ ಕಥಾಹಂದರದ ಚಿತ್ರ. ಎಲ್ಲಾ ವರ್ಗದ ಪ್ರೇಕ್ಷಕರಿಗೂ ಇಷ್ಟವಾಗಲಿದೆ’ ಎಂದರು. ನಾಯಕ ಪ್ರಣಂ ದೇವರಾಜ್ ಮಾತನಾಡಿ ‘ನನ್ನ ವೃತ್ತಿ ಜೀವನದಲ್ಲಿ ಇದು ವಿಶೇಷ ಚಿತ್ರ’ ಎಂದರು. ಚಿತ್ರದ ಹಾಡುಗಳನ್ನು ಪ್ರಮುಖ ಆಡಿಯೋ ಸಂಸ್ಥೆ ಖರೀದಿಸಿದೆ.
